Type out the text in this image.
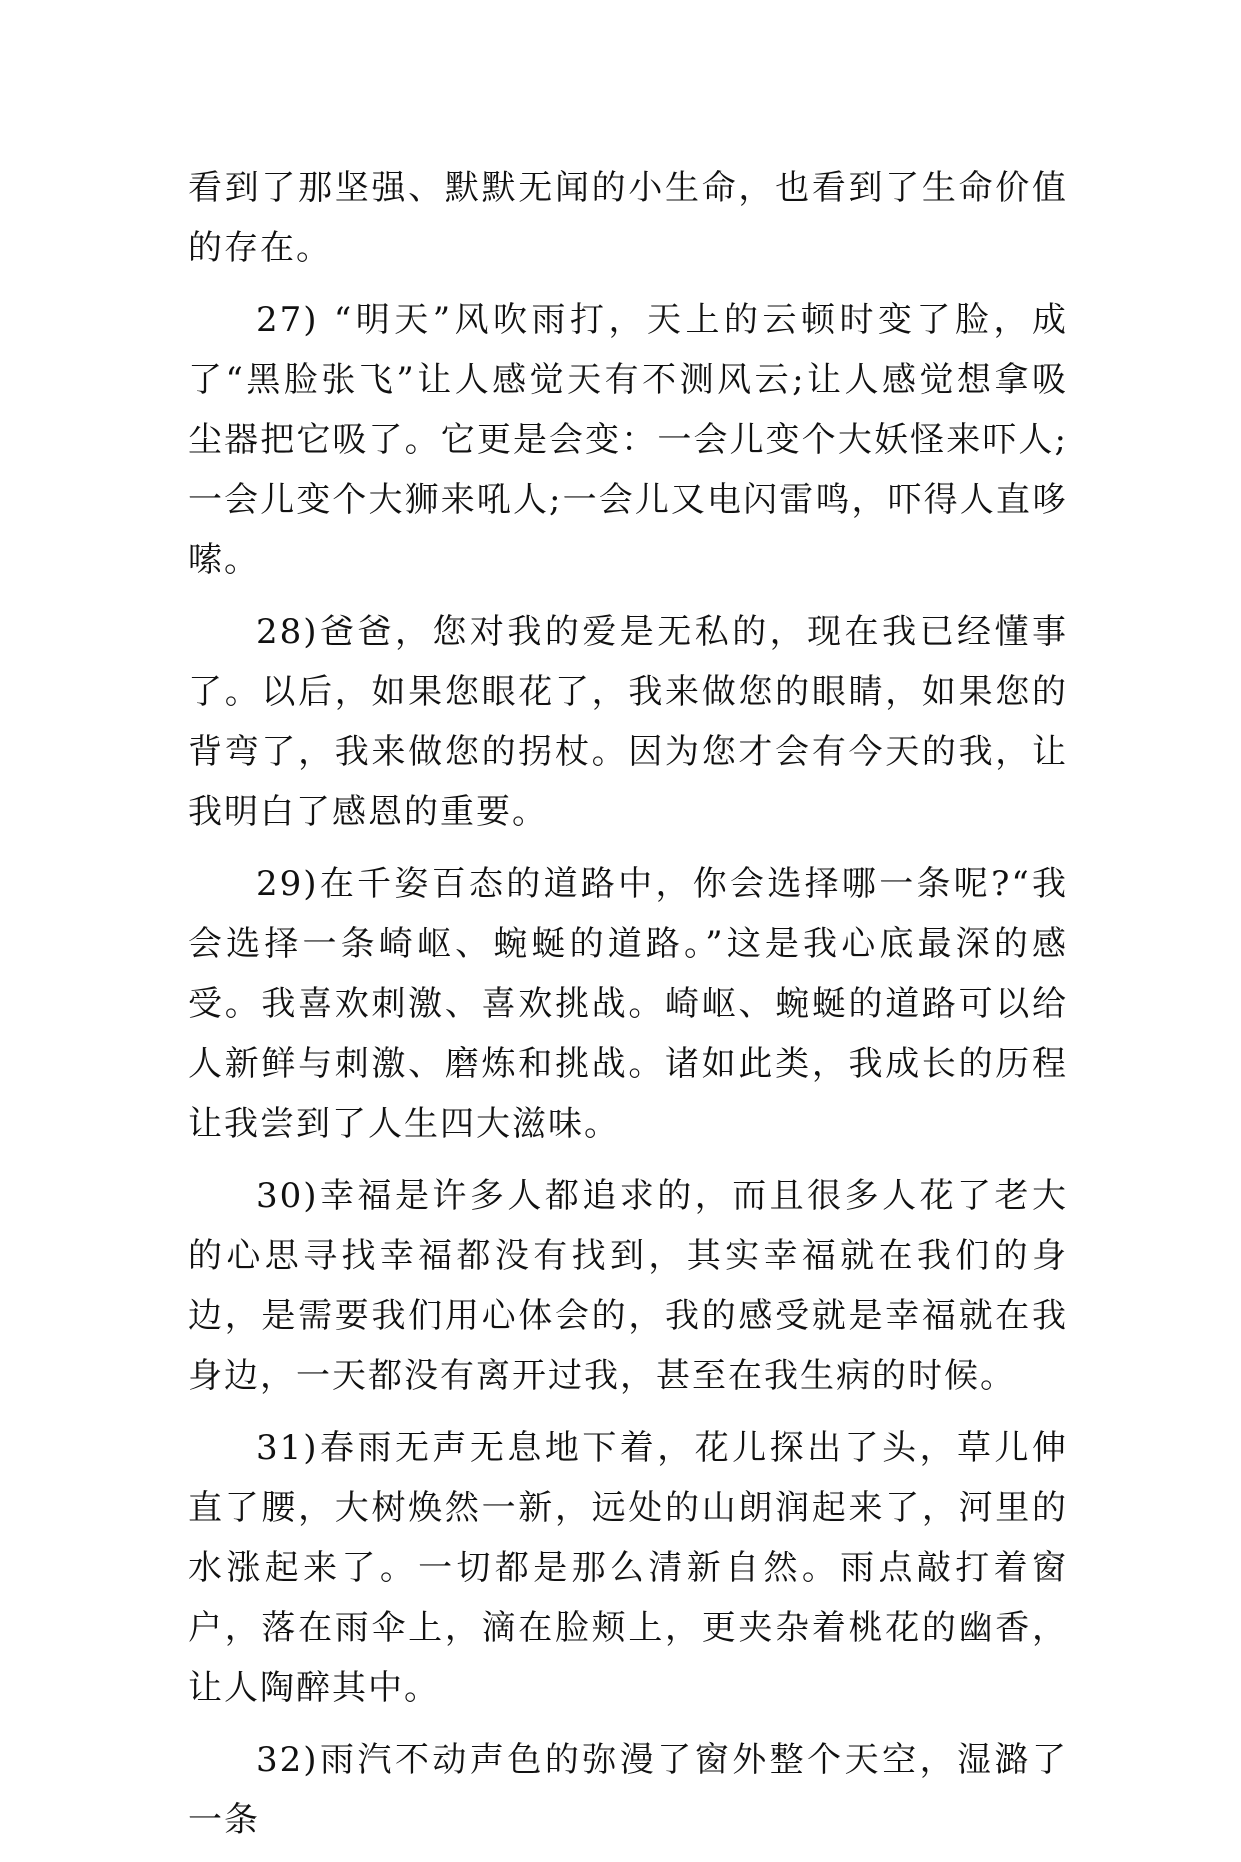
看到了那坚强、默默无闻的小生命，也看到了生命价值的存在。

27) “明天”风吹雨打，天上的云顿时变了脸，成了“黑脸张飞”让人感觉天有不测风云;让人感觉想拿吸尘器把它吸了。它更是会变：一会儿变个大妖怪来吓人;一会儿变个大狮来吼人;一会儿又电闪雷鸣，吓得人直哆嗦。

28)爸爸，您对我的爱是无私的，现在我已经懂事了。以后，如果您眼花了，我来做您的眼睛，如果您的背弯了，我来做您的拐杖。因为您才会有今天的我，让我明白了感恩的重要。

29)在千姿百态的道路中，你会选择哪一条呢?“我会选择一条崎岖、蜿蜒的道路。”这是我心底最深的感受。我喜欢刺激、喜欢挑战。崎岖、蜿蜒的道路可以给人新鲜与刺激、磨炼和挑战。诸如此类，我成长的历程让我尝到了人生四大滋味。

30)幸福是许多人都追求的，而且很多人花了老大的心思寻找幸福都没有找到，其实幸福就在我们的身边，是需要我们用心体会的，我的感受就是幸福就在我身边，一天都没有离开过我，甚至在我生病的时候。

31)春雨无声无息地下着，花儿探出了头，草儿伸直了腰，大树焕然一新，远处的山朗润起来了，河里的水涨起来了。一切都是那么清新自然。雨点敲打着窗户，落在雨伞上，滴在脸颊上，更夹杂着桃花的幽香，让人陶醉其中。

32)雨汽不动声色的弥漫了窗外整个天空，湿潞了一条
